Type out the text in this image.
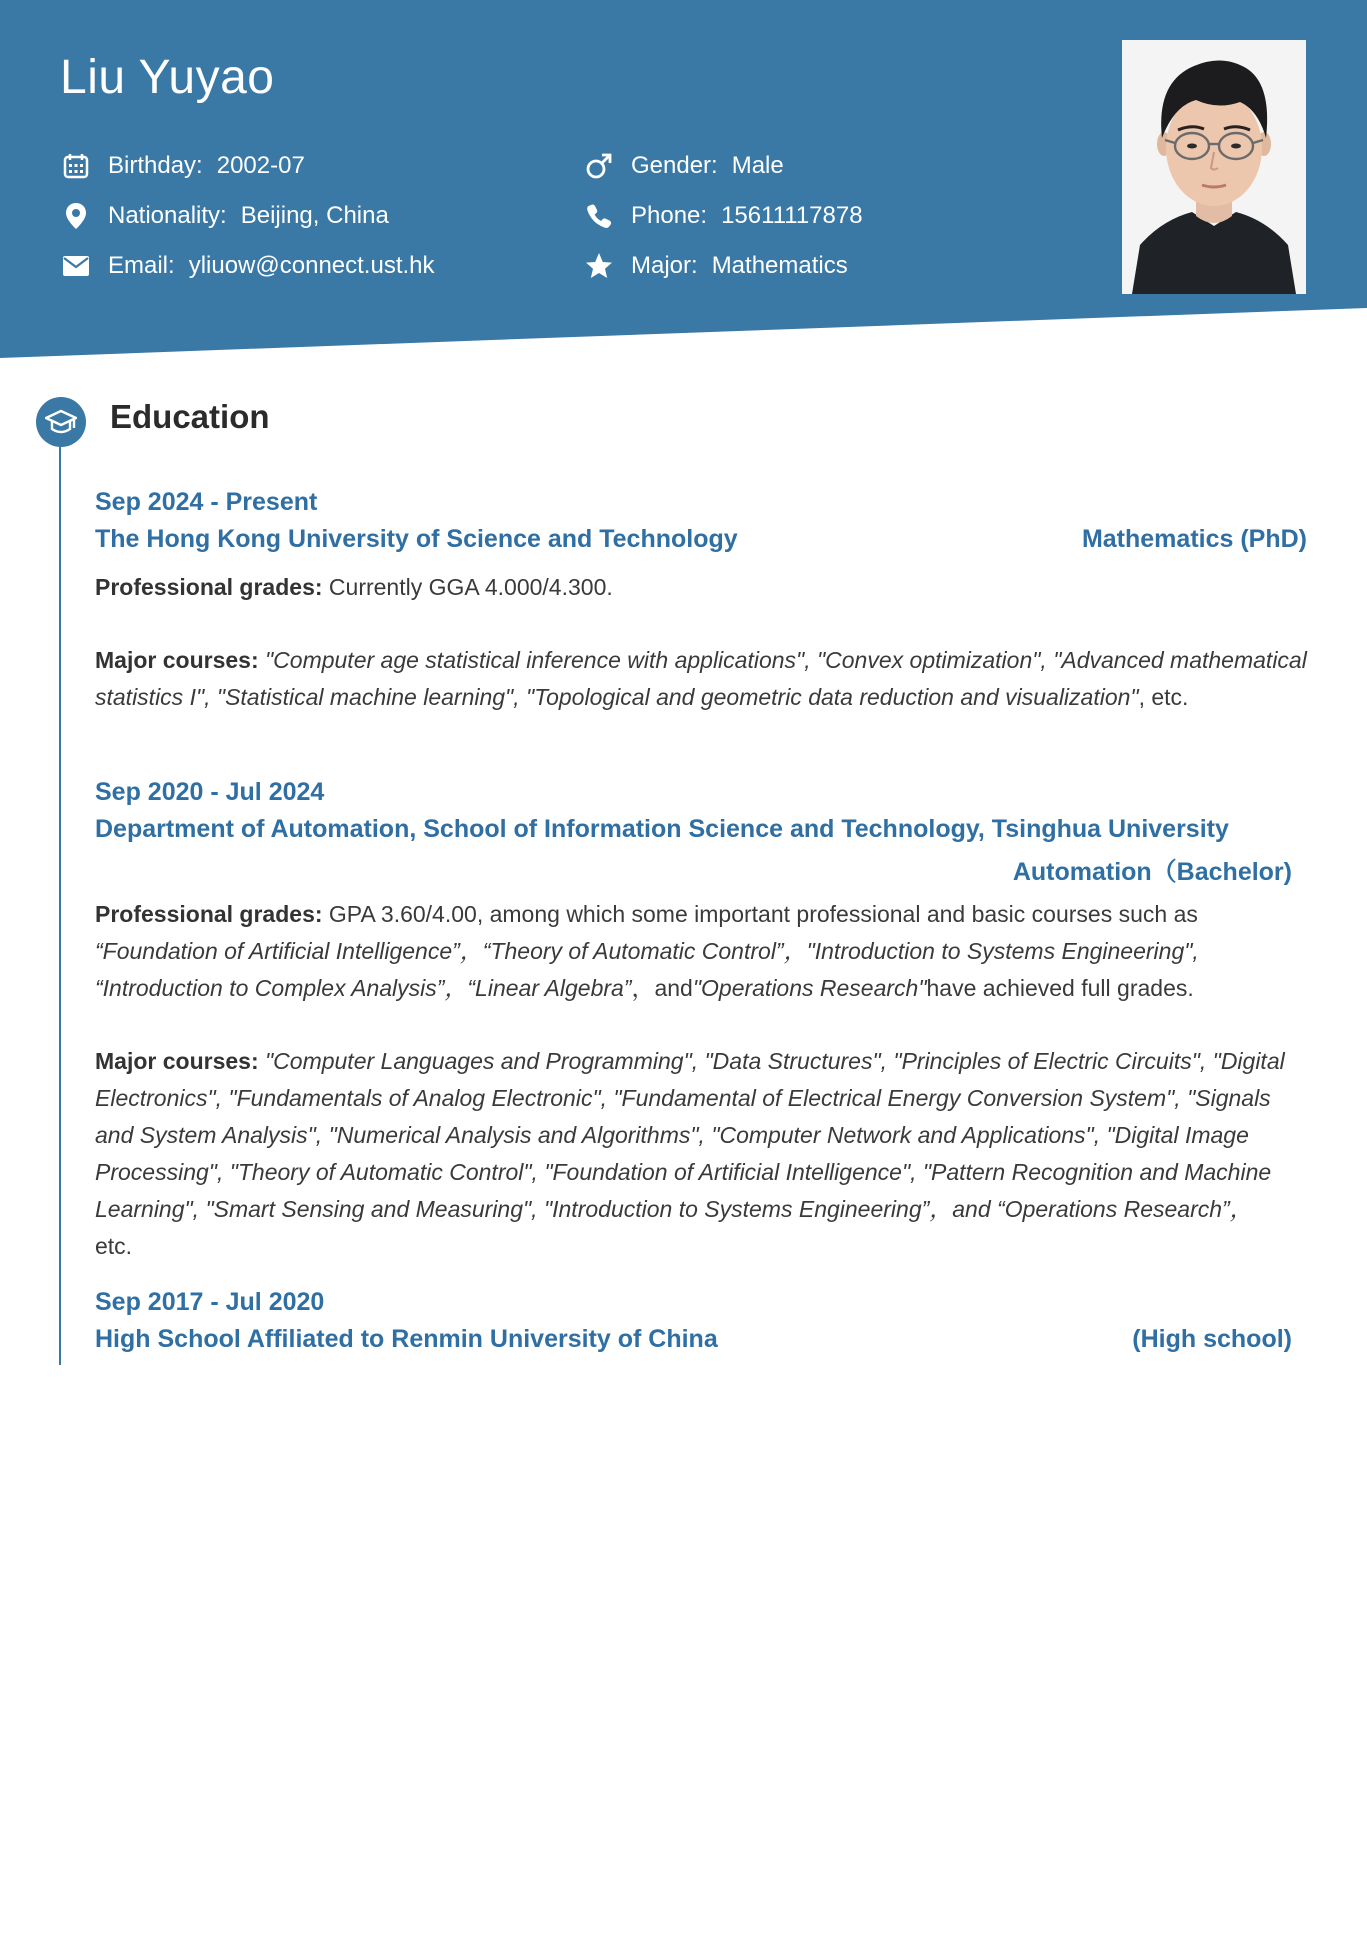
Liu Yuyao
Birthday: 2002-07
Nationality: Beijing, China
Email: yliuow@connect.ust.hk
Gender: Male
Phone: 15611117878
Major: Mathematics
Education
Sep 2024 - Present
The Hong Kong University of Science and Technology	Mathematics (PhD)
Professional grades: Currently GGA 4.000/4.300.
Major courses: "Computer age statistical inference with applications", "Convex optimization", "Advanced mathematical statistics I", "Statistical machine learning", "Topological and geometric data reduction and visualization", etc.
Sep 2020 - Jul 2024
Department of Automation, School of Information Science and Technology, Tsinghua University
Automation（Bachelor)
Professional grades: GPA 3.60/4.00, among which some important professional and basic courses such as “Foundation of Artificial Intelligence”，“Theory of Automatic Control”，"Introduction to Systems Engineering", “Introduction to Complex Analysis”，“Linear Algebra”，and"Operations Research"have achieved full grades.
Major courses: "Computer Languages and Programming", "Data Structures", "Principles of Electric Circuits", "Digital Electronics", "Fundamentals of Analog Electronic", "Fundamental of Electrical Energy Conversion System", "Signals and System Analysis", "Numerical Analysis and Algorithms", "Computer Network and Applications", "Digital Image Processing", "Theory of Automatic Control", "Foundation of Artificial Intelligence", "Pattern Recognition and Machine Learning", "Smart Sensing and Measuring", "Introduction to Systems Engineering”，and “Operations Research”，
etc.
Sep 2017 - Jul 2020
High School Affiliated to Renmin University of China	(High school)
